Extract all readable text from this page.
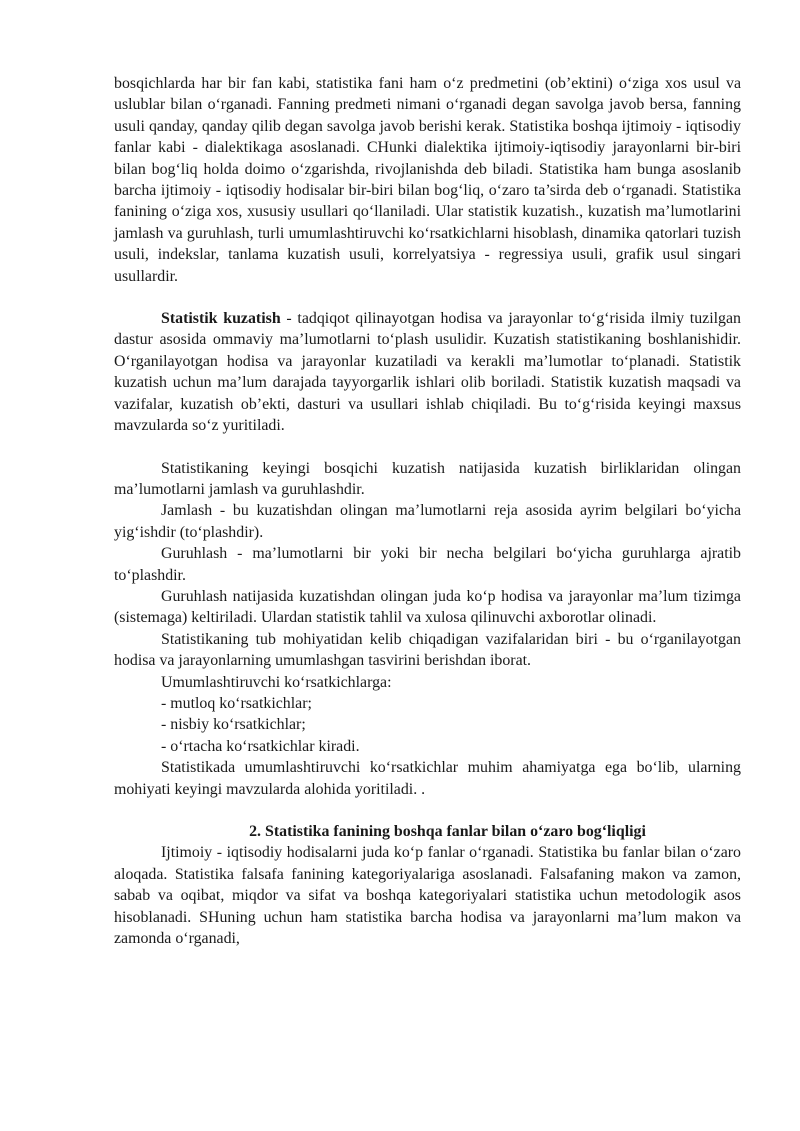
bosqichlarda har bir fan kabi, statistika fani ham o‘z predmetini (ob’ektini) o‘ziga xos usul va uslublar bilan o‘rganadi. Fanning predmeti nimani o‘rganadi degan savolga javob bersa, fanning usuli qanday, qanday qilib degan savolga javob berishi kerak. Statistika boshqa ijtimoiy - iqtisodiy fanlar kabi - dialektikaga asoslanadi. CHunki dialektika ijtimoiy-iqtisodiy jarayonlarni bir-biri bilan bog‘liq holda doimo o‘zgarishda, rivojlanishda deb biladi. Statistika ham bunga asoslanib barcha ijtimoiy - iqtisodiy hodisalar bir-biri bilan bog‘liq, o‘zaro ta’sirda deb o‘rganadi. Statistika fanining o‘ziga xos, xususiy usullari qo‘llaniladi. Ular statistik kuzatish., kuzatish ma’lumotlarini jamlash va guruhlash, turli umumlashtiruvchi ko‘rsatkichlarni hisoblash, dinamika qatorlari tuzish usuli, indekslar, tanlama kuzatish usuli, korrelyatsiya - regressiya usuli, grafik usul singari usullardir.

Statistik kuzatish - tadqiqot qilinayotgan hodisa va jarayonlar to‘g‘risida ilmiy tuzilgan dastur asosida ommaviy ma’lumotlarni to‘plash usulidir. Kuzatish statistikaning boshlanishidir. O‘rganilayotgan hodisa va jarayonlar kuzatiladi va kerakli ma’lumotlar to‘planadi. Statistik kuzatish uchun ma’lum darajada tayyorgarlik ishlari olib boriladi. Statistik kuzatish maqsadi va vazifalar, kuzatish ob’ekti, dasturi va usullari ishlab chiqiladi. Bu to‘g‘risida keyingi maxsus mavzularda so‘z yuritiladi.

Statistikaning keyingi bosqichi kuzatish natijasida kuzatish birliklaridan olingan ma’lumotlarni jamlash va guruhlashdir.

Jamlash - bu kuzatishdan olingan ma’lumotlarni reja asosida ayrim belgilari bo‘yicha yig‘ishdir (to‘plashdir).

Guruhlash - ma’lumotlarni bir yoki bir necha belgilari bo‘yicha guruhlarga ajratib to‘plashdir.

Guruhlash natijasida kuzatishdan olingan juda ko‘p hodisa va jarayonlar ma’lum tizimga (sistemaga) keltiriladi. Ulardan statistik tahlil va xulosa qilinuvchi axborotlar olinadi.

Statistikaning tub mohiyatidan kelib chiqadigan vazifalaridan biri - bu o‘rganilayotgan hodisa va jarayonlarning umumlashgan tasvirini berishdan iborat.

Umumlashtiruvchi ko‘rsatkichlarga:

- mutloq ko‘rsatkichlar;

- nisbiy ko‘rsatkichlar;

- o‘rtacha ko‘rsatkichlar kiradi.

Statistikada umumlashtiruvchi ko‘rsatkichlar muhim ahamiyatga ega bo‘lib, ularning mohiyati keyingi mavzularda alohida yoritiladi. .

2. Statistika fanining boshqa fanlar bilan o‘zaro bog‘liqligi

Ijtimoiy - iqtisodiy hodisalarni juda ko‘p fanlar o‘rganadi. Statistika bu fanlar bilan o‘zaro aloqada. Statistika falsafa fanining kategoriyalariga asoslanadi. Falsafaning makon va zamon, sabab va oqibat, miqdor va sifat va boshqa kategoriyalari statistika uchun metodologik asos hisoblanadi. SHuning uchun ham statistika barcha hodisa va jarayonlarni ma’lum makon va zamonda o‘rganadi,
